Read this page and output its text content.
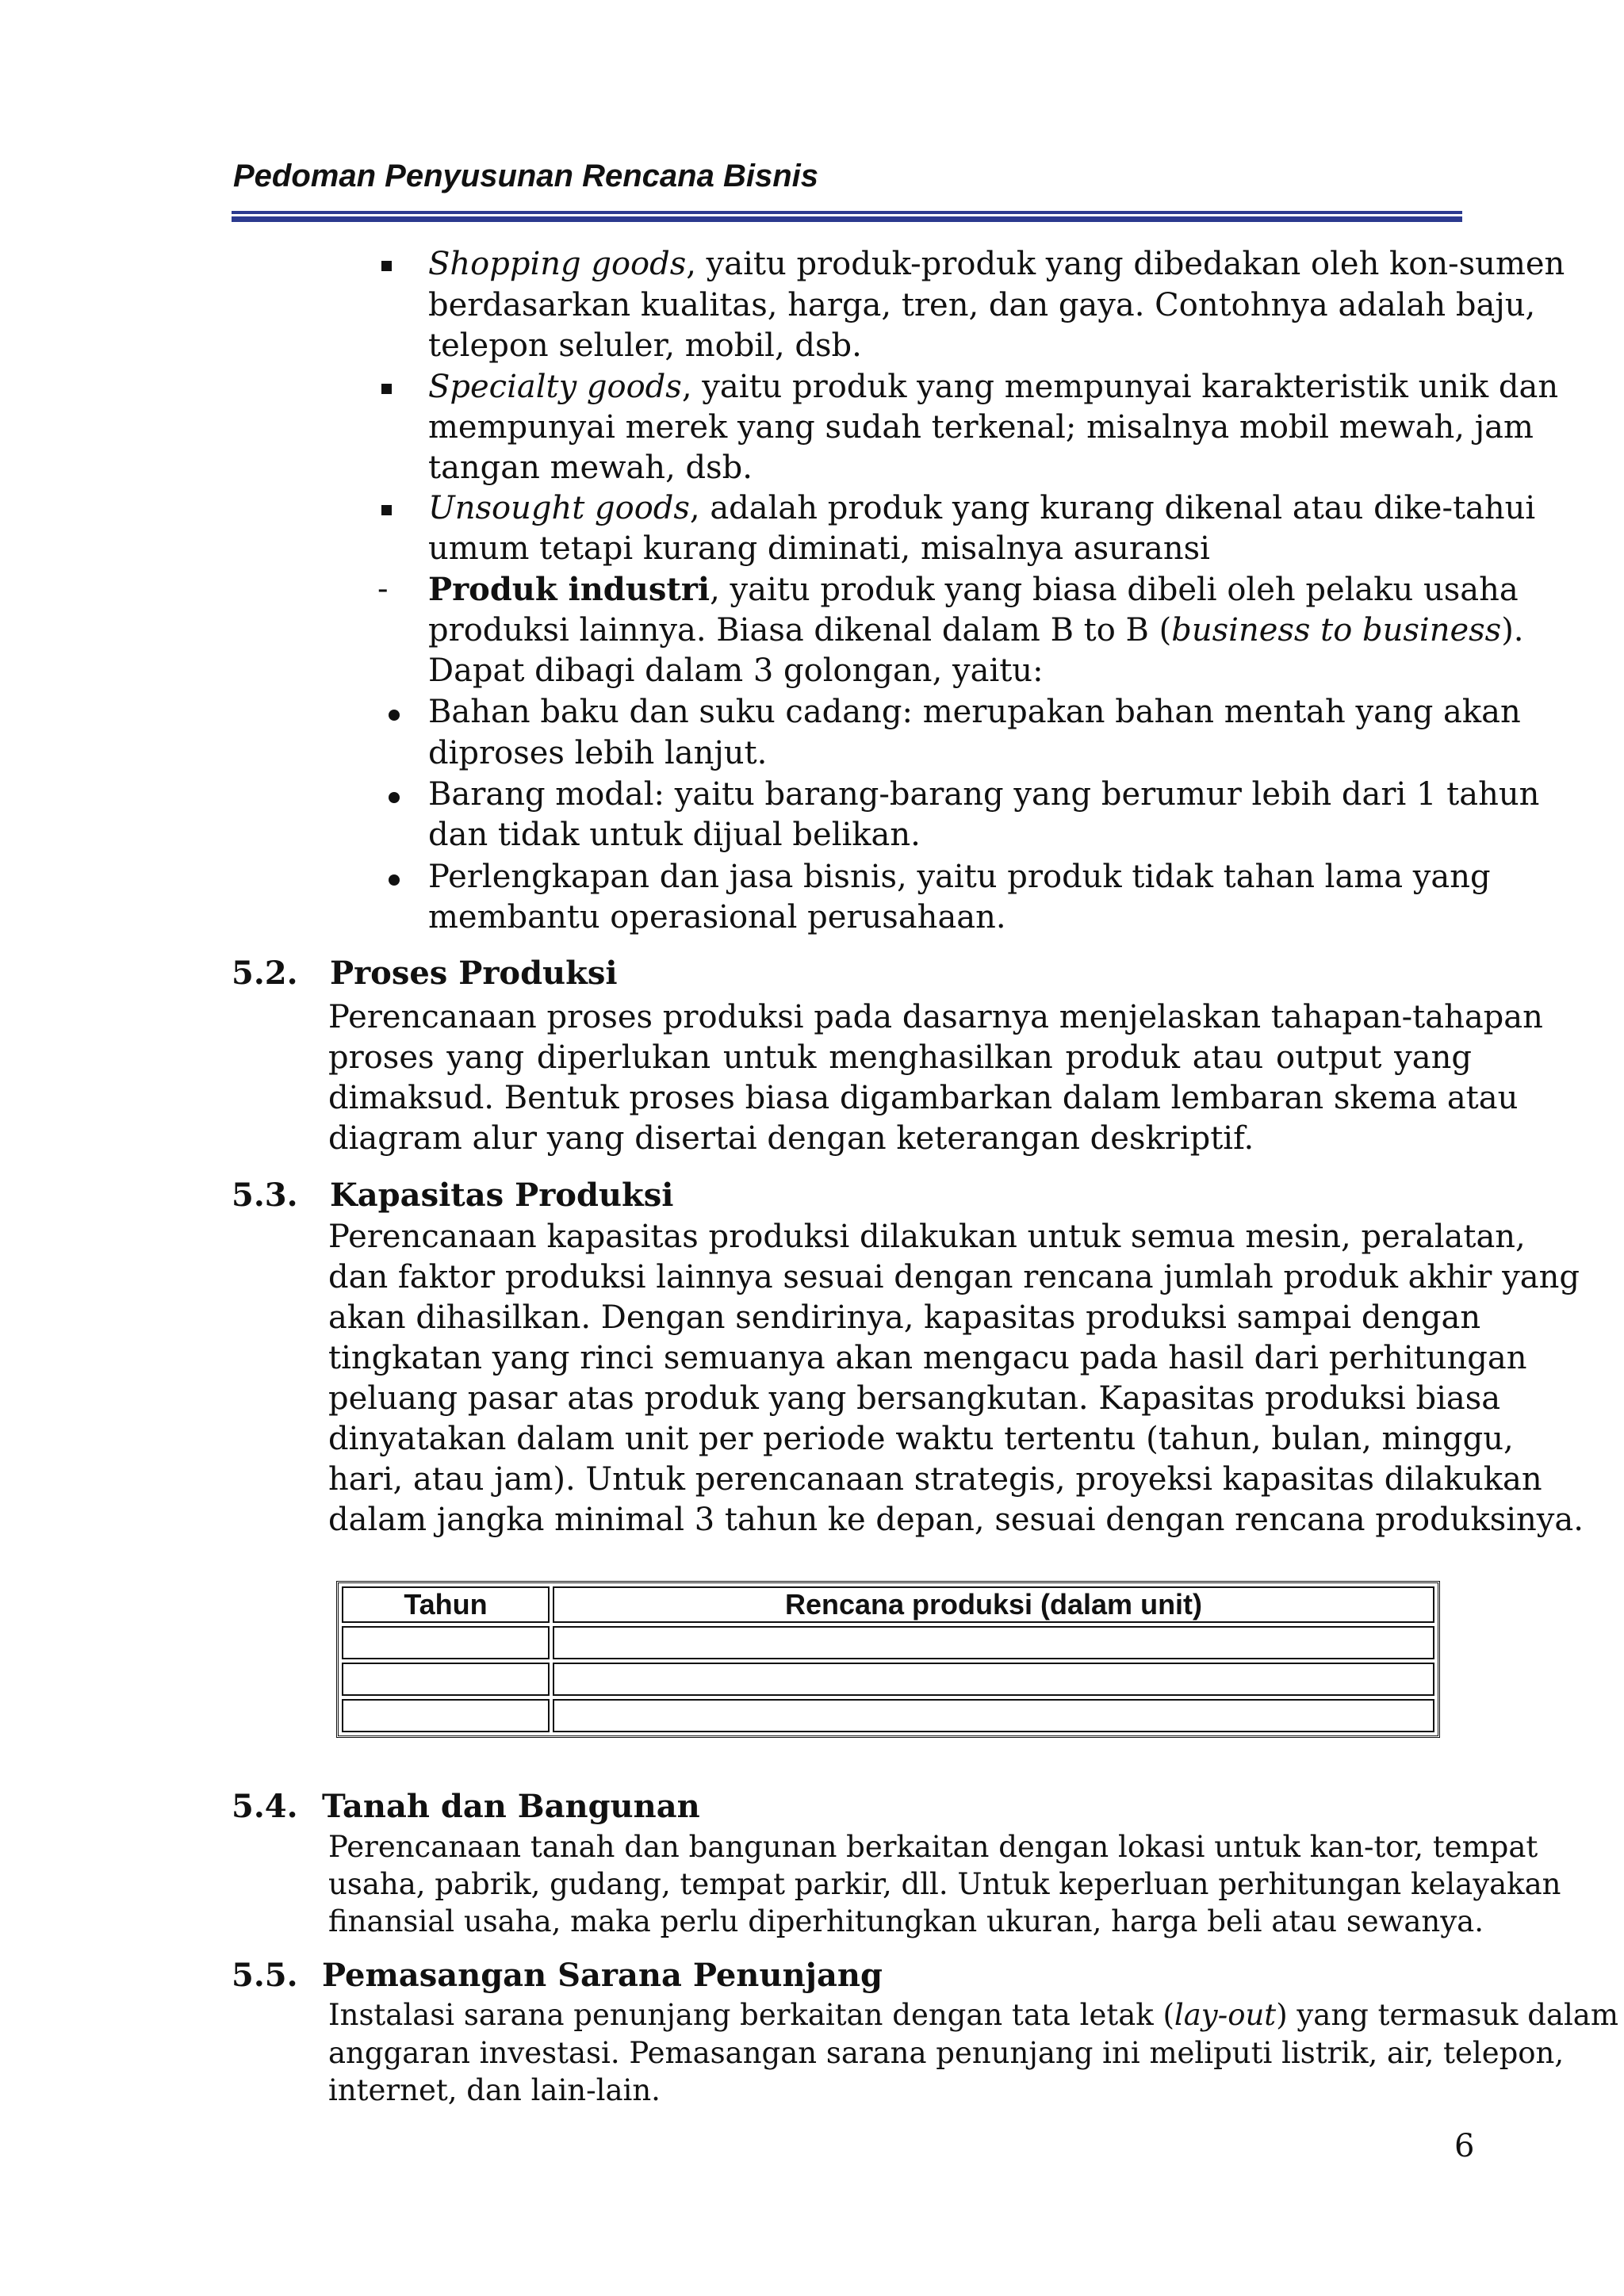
Pedoman Penyusunan Rencana Bisnis
Shopping goods, yaitu produk-produk yang dibedakan oleh kon-sumen
berdasarkan kualitas, harga, tren, dan gaya. Contohnya adalah baju,
telepon seluler, mobil, dsb.
Specialty goods, yaitu produk yang mempunyai karakteristik unik dan
mempunyai merek yang sudah terkenal; misalnya mobil mewah, jam
tangan mewah, dsb.
Unsought goods, adalah produk yang kurang dikenal atau dike-tahui
umum tetapi kurang diminati, misalnya asuransi
- Produk industri, yaitu produk yang biasa dibeli oleh pelaku usaha
produksi lainnya. Biasa dikenal dalam B to B (business to business).
Dapat dibagi dalam 3 golongan, yaitu:
Bahan baku dan suku cadang: merupakan bahan mentah yang akan
diproses lebih lanjut.
Barang modal: yaitu barang-barang yang berumur lebih dari 1 tahun
dan tidak untuk dijual belikan.
Perlengkapan dan jasa bisnis, yaitu produk tidak tahan lama yang
membantu operasional perusahaan.
5.2. Proses Produksi
Perencanaan proses produksi pada dasarnya menjelaskan tahapan-tahapan
proses yang diperlukan untuk menghasilkan produk atau output yang
dimaksud. Bentuk proses biasa digambarkan dalam lembaran skema atau
diagram alur yang disertai dengan keterangan deskriptif.
5.3. Kapasitas Produksi
Perencanaan kapasitas produksi dilakukan untuk semua mesin, peralatan,
dan faktor produksi lainnya sesuai dengan rencana jumlah produk akhir yang
akan dihasilkan. Dengan sendirinya, kapasitas produksi sampai dengan
tingkatan yang rinci semuanya akan mengacu pada hasil dari perhitungan
peluang pasar atas produk yang bersangkutan. Kapasitas produksi biasa
dinyatakan dalam unit per periode waktu tertentu (tahun, bulan, minggu,
hari, atau jam). Untuk perencanaan strategis, proyeksi kapasitas dilakukan
dalam jangka minimal 3 tahun ke depan, sesuai dengan rencana produksinya.
Tahun	Rencana produksi (dalam unit)

5.4. Tanah dan Bangunan
Perencanaan tanah dan bangunan berkaitan dengan lokasi untuk kan-tor, tempat
usaha, pabrik, gudang, tempat parkir, dll. Untuk keperluan perhitungan kelayakan
finansial usaha, maka perlu diperhitungkan ukuran, harga beli atau sewanya.
5.5. Pemasangan Sarana Penunjang
Instalasi sarana penunjang berkaitan dengan tata letak (lay-out) yang termasuk dalam
anggaran investasi. Pemasangan sarana penunjang ini meliputi listrik, air, telepon,
internet, dan lain-lain.
6
